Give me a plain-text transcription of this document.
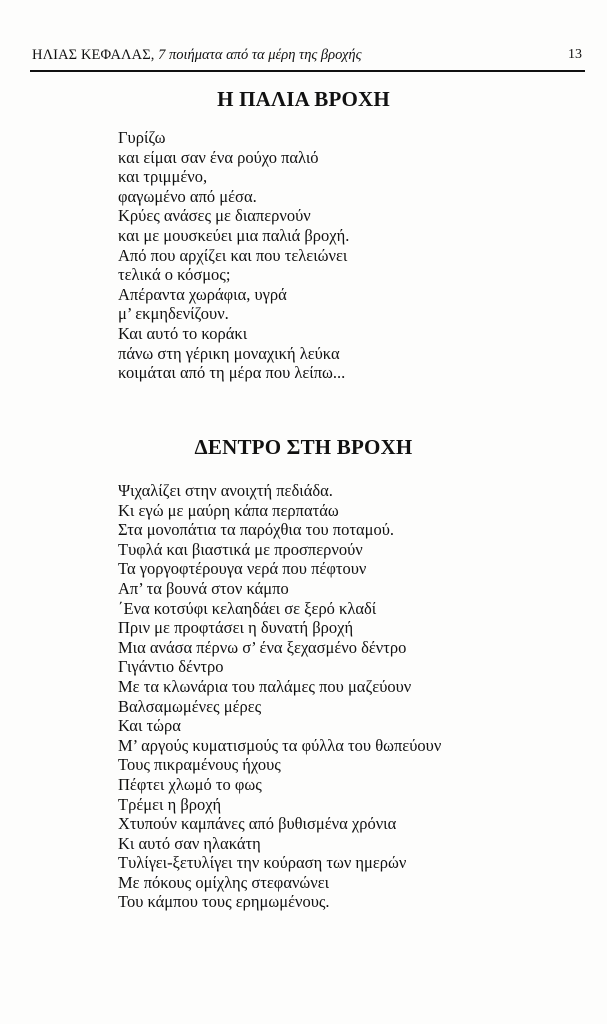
ΗΛΙΑΣ ΚΕΦΑΛΑΣ, 7 ποιήματα από τα μέρη της βροχής	13
Η ΠΑΛΙΑ ΒΡΟΧΗ
Γυρίζω
και είμαι σαν ένα ρούχο παλιό
και τριμμένο,
φαγωμένο από μέσα.
Κρύες ανάσες με διαπερνούν
και με μουσκεύει μια παλιά βροχή.
Από που αρχίζει και που τελειώνει
τελικά ο κόσμος;
Απέραντα χωράφια, υγρά
μ’ εκμηδενίζουν.
Και αυτό το κοράκι
πάνω στη γέρικη μοναχική λεύκα
κοιμάται από τη μέρα που λείπω...
ΔΕΝΤΡΟ ΣΤΗ ΒΡΟΧΗ
Ψιχαλίζει στην ανοιχτή πεδιάδα.
Κι εγώ με μαύρη κάπα περπατάω
Στα μονοπάτια τα παρόχθια του ποταμού.
Τυφλά και βιαστικά με προσπερνούν
Τα γοργοφτέρουγα νερά που πέφτουν
Απ’ τα βουνά στον κάμπο
΄Ενα κοτσύφι κελαηδάει σε ξερό κλαδί
Πριν με προφτάσει η δυνατή βροχή
Μια ανάσα πέρνω σ’ ένα ξεχασμένο δέντρο
Γιγάντιο δέντρο
Με τα κλωνάρια του παλάμες που μαζεύουν
Βαλσαμωμένες μέρες
Και τώρα
Μ’ αργούς κυματισμούς τα φύλλα του θωπεύουν
Τους πικραμένους ήχους
Πέφτει χλωμό το φως
Τρέμει η βροχή
Χτυπούν καμπάνες από βυθισμένα χρόνια
Κι αυτό σαν ηλακάτη
Τυλίγει-ξετυλίγει την κούραση των ημερών
Με πόκους ομίχλης στεφανώνει
Του κάμπου τους ερημωμένους.
